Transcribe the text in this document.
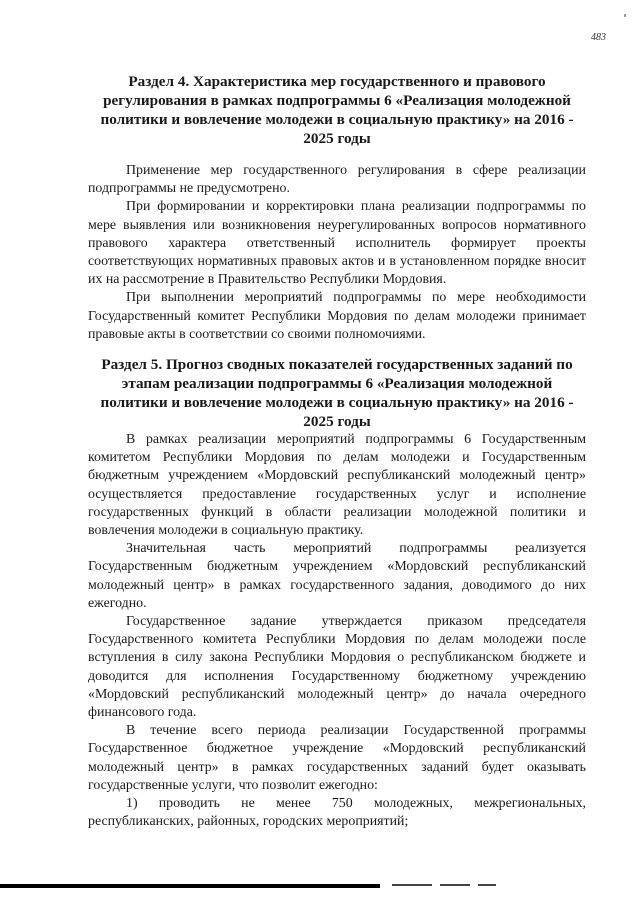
483

Раздел 4. Характеристика мер государственного и правового регулирования в рамках подпрограммы 6 «Реализация молодежной политики и вовлечение молодежи в социальную практику» на 2016 - 2025 годы

Применение мер государственного регулирования в сфере реализации подпрограммы не предусмотрено.

При формировании и корректировки плана реализации подпрограммы по мере выявления или возникновения неурегулированных вопросов нормативного правового характера ответственный исполнитель формирует проекты соответствующих нормативных правовых актов и в установленном порядке вносит их на рассмотрение в Правительство Республики Мордовия.

При выполнении мероприятий подпрограммы по мере необходимости Государственный комитет Республики Мордовия по делам молодежи принимает правовые акты в соответствии со своими полномочиями.

Раздел 5. Прогноз сводных показателей государственных заданий по этапам реализации подпрограммы 6 «Реализация молодежной политики и вовлечение молодежи в социальную практику» на 2016 - 2025 годы

В рамках реализации мероприятий подпрограммы 6 Государственным комитетом Республики Мордовия по делам молодежи и Государственным бюджетным учреждением «Мордовский республиканский молодежный центр» осуществляется предоставление государственных услуг и исполнение государственных функций в области реализации молодежной политики и вовлечения молодежи в социальную практику.

Значительная часть мероприятий подпрограммы реализуется Государственным бюджетным учреждением «Мордовский республиканский молодежный центр» в рамках государственного задания, доводимого до них ежегодно.

Государственное задание утверждается приказом председателя Государственного комитета Республики Мордовия по делам молодежи после вступления в силу закона Республики Мордовия о республиканском бюджете и доводится для исполнения Государственному бюджетному учреждению «Мордовский республиканский молодежный центр» до начала очередного финансового года.

В течение всего периода реализации Государственной программы Государственное бюджетное учреждение «Мордовский республиканский молодежный центр» в рамках государственных заданий будет оказывать государственные услуги, что позволит ежегодно:

1) проводить не менее 750 молодежных, межрегиональных, республиканских, районных, городских мероприятий;
